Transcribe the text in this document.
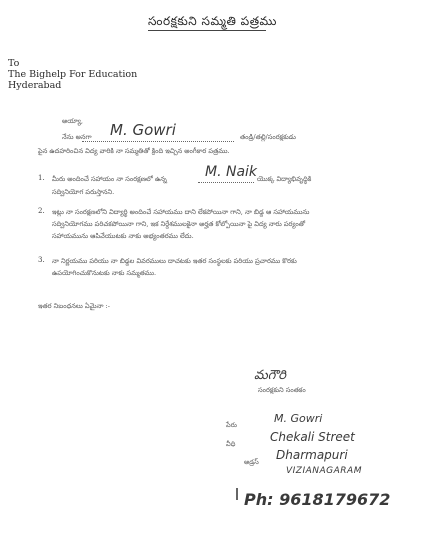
సంరక్షకుని సమ్మతి పత్రము
To
The Bighelp For Education
Hyderabad
అయ్యా,
నేను అనగా M. Gowri	తండ్రి/తల్లి/సంరక్షకుడు
పైన ఉదహరించిన విద్య వారికి నా సమ్మతితో క్రింది ఇచ్చిన అంగీకార పత్రము.
1. మీరు అందించే సహాయం నా సంరక్షణలో ఉన్న	M. Naik యొక్క విద్యాభివృద్ధికి
సద్వినియోగ పరుస్తానని.
2. ఇట్లు నా సంరక్షణలోని విద్యార్థి అందించే సహాయము దాని లేకపోయినా గాని, నా బిడ్డ ఆ సహాయమును
సద్వినియోగము పరిచకపోయినా గాని, ఇక నిర్దేశములకైనా అర్హత కోల్పోయినా పై విద్య నారు పర్యంతో
సహాయమును ఆపివేయుటకు నాకు అభ్యంతరము లేదు.
3. నా నిర్ణయము పరియు నా బిడ్డల వివరములు దాచటకు ఇతర సంస్థలకు పరియు ప్రచారము కొరకు
ఉపయోగించుకొనుటకు నాకు సమ్మతము.
ఇతర నిబంధనలు ఏమైనా :-
మగౌరి
సంరక్షకుని సంతకం
పేరు	M. Gowri
వీధి	Chekali Street
అడ్రస్ Dharmapuri
VIZIANAGARAM
Ph: 9618179672
